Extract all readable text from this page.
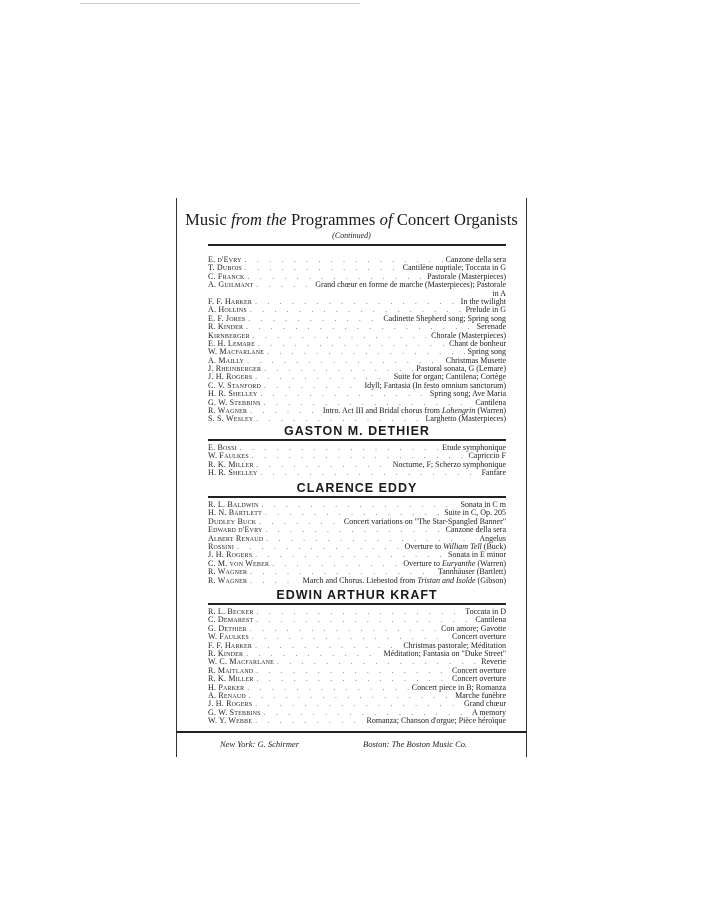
Music from the Programmes of Concert Organists
(Continued)
E. d'Evry . . .	Canzone della sera
T. Dubois . . .	Cantilène nuptiale; Toccata in G
C. Franck . . .	Pastorale (Masterpieces)
A. Guilmant . . .	Grand chœur en forme de marche (Masterpieces); Pastorale
in A
F. F. Harker . . .	In the twilight
A. Hollins . . .	Prelude in G
E. F. Jores . . .	Cadinette Shepherd song; Spring song
R. Kinder . . .	Serenade
Kirnberger . . .	Chorale (Masterpieces)
E. H. Lemare . . .	Chant de bonheur
W. Macfarlane . . .	Spring song
A. Mailly . . .	Christmas Musette
J. Rheinberger . . .	Pastoral sonata, G (Lemare)
J. H. Rogers . . .	Suite for organ; Cantilena; Cortège
C. V. Stanford . . .	Idyll; Fantasia (In festo omnium sanctorum)
H. R. Shelley . . .	Spring song; Ave Maria
G. W. Stebbins . . .	Cantilena
R. Wagner . . .	Intro. Act III and Bridal chorus from Lohengrin (Warren)
S. S. Wesley . . .	Larghetto (Masterpieces)
GASTON M. DETHIER
E. Bossi . . .	Etude symphonique
W. Faulkes . . .	Capriccio F
R. K. Miller . . .	Nocturne, F; Scherzo symphonique
H. R. Shelley . . .	Fanfare
CLARENCE EDDY
R. L. Baldwin . . .	Sonata in C m
H. N. Bartlett . . .	Suite in C, Op. 205
Dudley Buck . . .	Concert variations on "The Star-Spangled Banner"
Edward d'Evry . . .	Canzone della sera
Albert Renaud . . .	Angelus
Rossini . . .	Overture to William Tell (Buck)
J. H. Rogers . . .	Sonata in E minor
C. M. von Weber . . .	Overture to Euryanthe (Warren)
R. Wagner . . .	Tannhäuser (Bartlett)
R. Wagner . . .	March and Chorus. Liebestod from Tristan and Isolde (Gibson)
EDWIN ARTHUR KRAFT
R. L. Becker . . .	Toccata in D
C. Demarest . . .	Cantilena
G. Dethier . . .	Con amore; Gavotte
W. Faulkes . . .	Concert overture
F. F. Harker . . .	Christmas pastorale; Méditation
R. Kinder . . .	Méditation; Fantasia on "Duke Street"
W. C. Macfarlane . . .	Reverie
R. Maitland . . .	Concert overture
R. K. Miller . . .	Concert overture
H. Parker . . .	Concert piece in B; Romanza
A. Renaud . . .	Marche funèbre
J. H. Rogers . . .	Grand chœur
G. W. Stebbins . . .	A memory
W. Y. Webbe . . .	Romanza; Chanson d'orgue; Pièce héroïque
New York: G. Schirmer	Boston: The Boston Music Co.
